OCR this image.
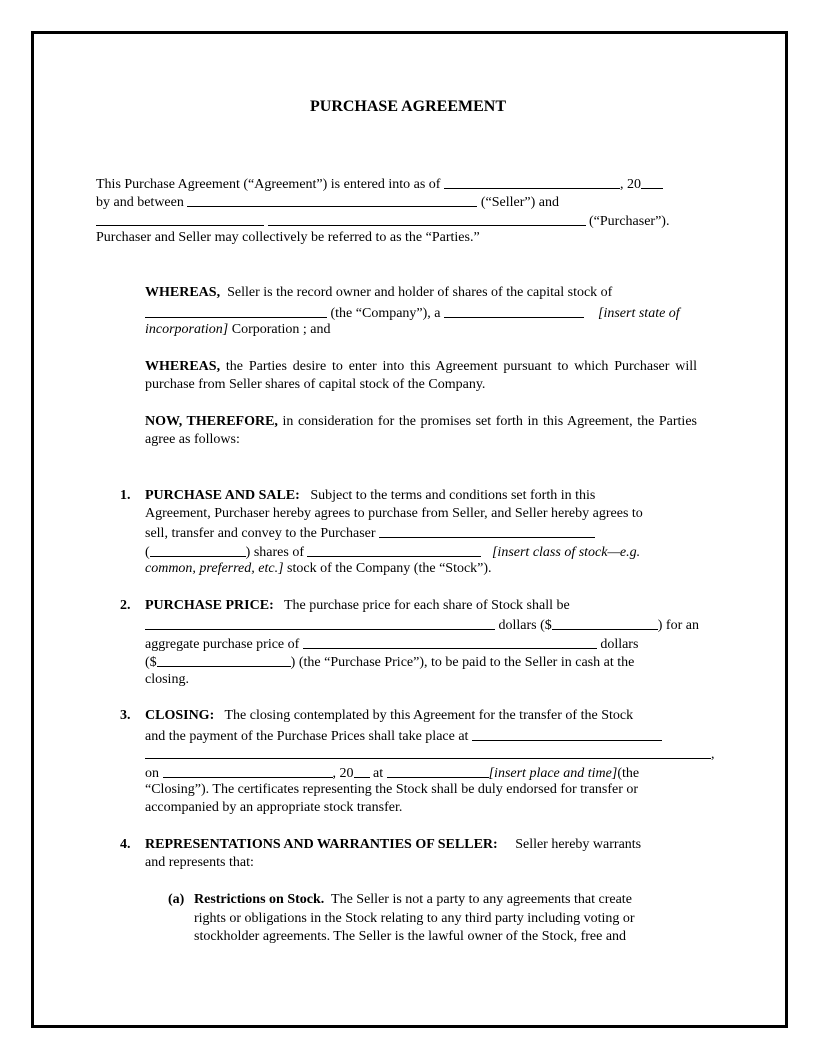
PURCHASE AGREEMENT
This Purchase Agreement (“Agreement”) is entered into as of	, 20
by and between	(“Seller”) and
(“Purchaser”).
Purchaser and Seller may collectively be referred to as the “Parties.”
WHEREAS, Seller is the record owner and holder of shares of the capital stock of
(the “Company”), a	[insert state of
incorporation] Corporation ; and
WHEREAS, the Parties desire to enter into this Agreement pursuant to which Purchaser will purchase from Seller shares of capital stock of the Company.
NOW, THEREFORE, in consideration for the promises set forth in this Agreement, the Parties agree as follows:
1. PURCHASE AND SALE: Subject to the terms and conditions set forth in this
Agreement, Purchaser hereby agrees to purchase from Seller, and Seller hereby agrees to
sell, transfer and convey to the Purchaser
(	) shares of	[insert class of stock—e.g.
common, preferred, etc.] stock of the Company (the “Stock”).
2. PURCHASE PRICE: The purchase price for each share of Stock shall be
dollars ($	) for an
aggregate purchase price of	dollars
($	) (the “Purchase Price”), to be paid to the Seller in cash at the
closing.
3. CLOSING: The closing contemplated by this Agreement for the transfer of the Stock
and the payment of the Purchase Prices shall take place at
,
on	, 20 at	[insert place and time](the
“Closing”). The certificates representing the Stock shall be duly endorsed for transfer or
accompanied by an appropriate stock transfer.
4. REPRESENTATIONS AND WARRANTIES OF SELLER: Seller hereby warrants
and represents that:
(a) Restrictions on Stock. The Seller is not a party to any agreements that create
rights or obligations in the Stock relating to any third party including voting or
stockholder agreements. The Seller is the lawful owner of the Stock, free and
